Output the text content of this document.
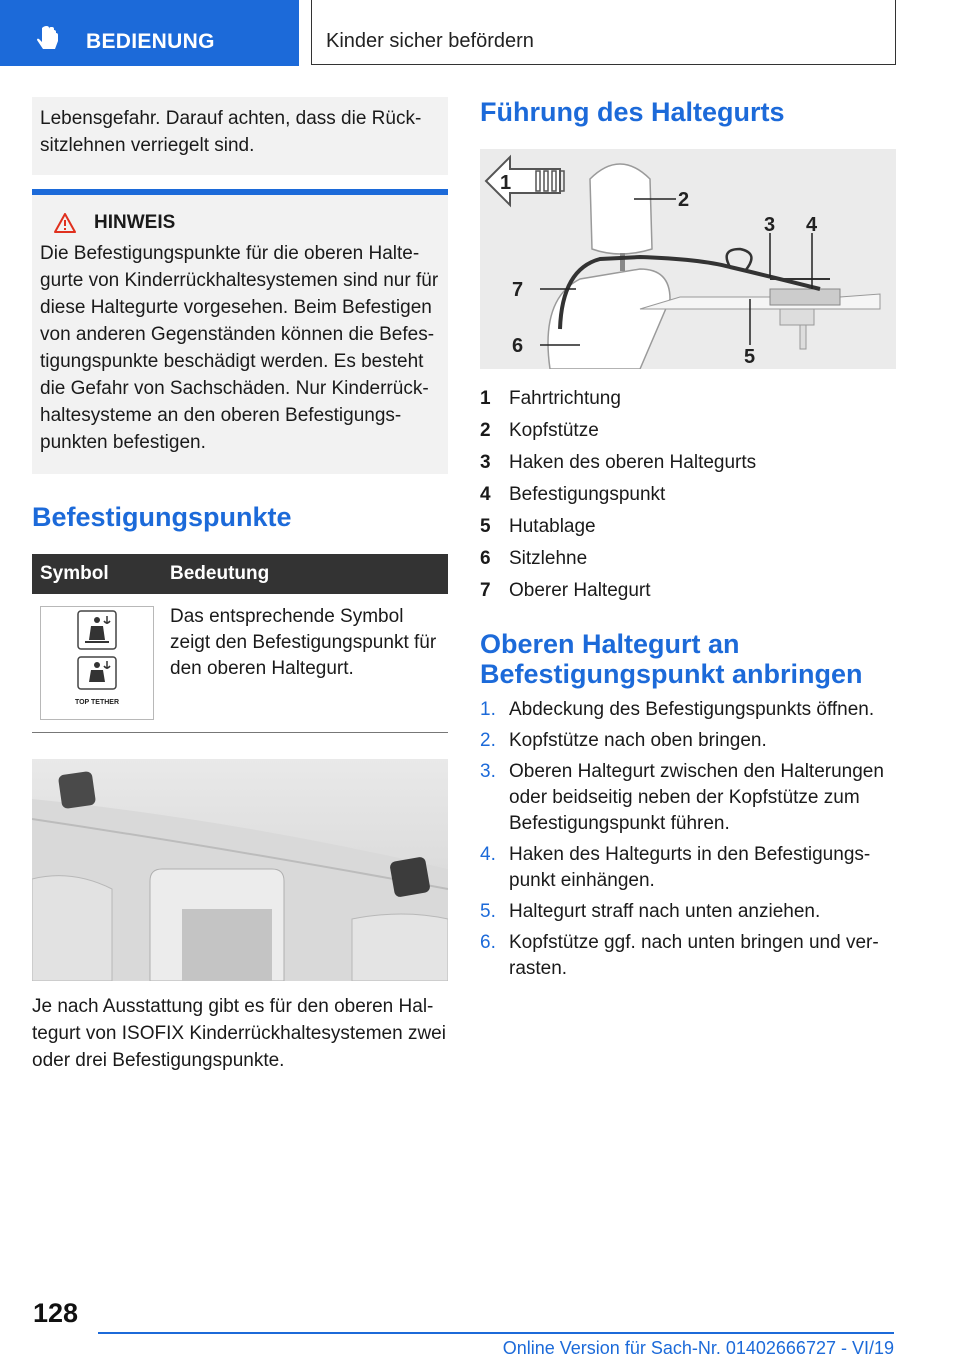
BEDIENUNG	Kinder sicher befördern
Lebensgefahr. Darauf achten, dass die Rück-sitzlehnen verriegelt sind.
HINWEIS
Die Befestigungspunkte für die oberen Halte-gurte von Kinderrückhaltesystemen sind nur für diese Haltegurte vorgesehen. Beim Befestigen von anderen Gegenständen können die Befes-tigungspunkte beschädigt werden. Es besteht die Gefahr von Sachschäden. Nur Kinderrück-haltesysteme an den oberen Befestigungs-punkten befestigen.
Befestigungspunkte
Symbol	Bedeutung

TOP TETHER	Das entsprechende Symbol zeigt den Befestigungspunkt für den oberen Haltegurt.
Je nach Ausstattung gibt es für den oberen Hal-tegurt von ISOFIX Kinderrückhaltesystemen zwei oder drei Befestigungspunkte.
Führung des Haltegurts
1
2
3 4
5
6
7
1 Fahrtrichtung
2 Kopfstütze
3 Haken des oberen Haltegurts
4 Befestigungspunkt
5 Hutablage
6 Sitzlehne
7 Oberer Haltegurt
Oberen Haltegurt an Befestigungspunkt anbringen
1. Abdeckung des Befestigungspunkts öffnen.
2. Kopfstütze nach oben bringen.
3. Oberen Haltegurt zwischen den Halterungen oder beidseitig neben der Kopfstütze zum Befestigungspunkt führen.
4. Haken des Haltegurts in den Befestigungs-punkt einhängen.
5. Haltegurt straff nach unten anziehen.
6. Kopfstütze ggf. nach unten bringen und ver-rasten.
128
Online Version für Sach-Nr. 01402666727 - VI/19
